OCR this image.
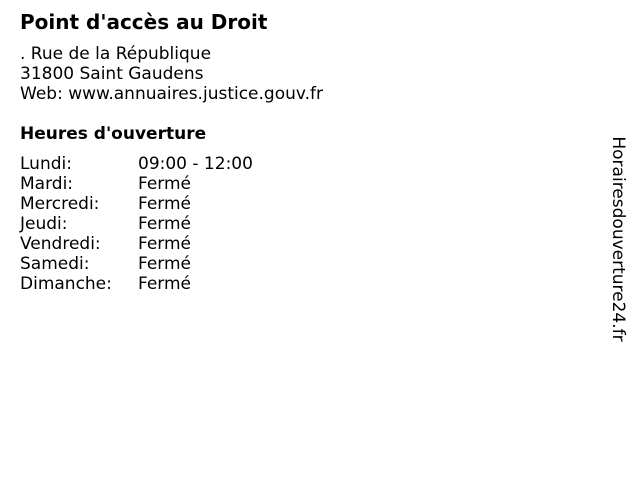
Point d'accès au Droit
. Rue de la République
31800 Saint Gaudens
Web: www.annuaires.justice.gouv.fr
Heures d'ouverture
Lundi:	09:00 - 12:00
Mardi:	Fermé
Mercredi:	Fermé
Jeudi:	Fermé
Vendredi:	Fermé
Samedi:	Fermé
Dimanche:	Fermé	Horairesdouverture24.fr
